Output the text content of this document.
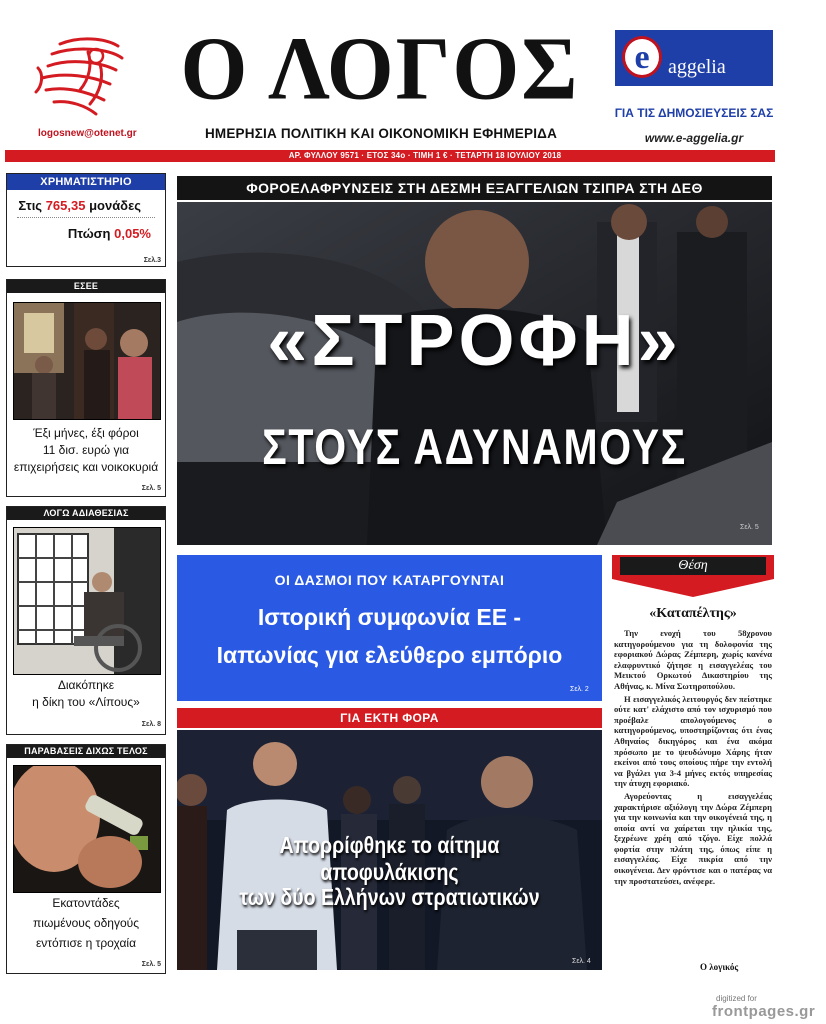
logosnew@otenet.gr
Ο ΛΟΓΟΣ
ΗΜΕΡΗΣΙΑ ΠΟΛΙΤΙΚΗ ΚΑΙ ΟΙΚΟΝΟΜΙΚΗ ΕΦΗΜΕΡΙΔΑ
e aggelia
ΓΙΑ ΤΙΣ ΔΗΜΟΣΙΕΥΣΕΙΣ ΣΑΣ
www.e-aggelia.gr
ΑΡ. ΦΥΛΛΟΥ 9571 · ΕΤΟΣ 34ο · ΤΙΜΗ 1 € · ΤΕΤΑΡΤΗ 18 ΙΟΥΛΙΟΥ 2018
ΧΡΗΜΑΤΙΣΤΗΡΙΟ
Στις 765,35 μονάδες
Πτώση 0,05%
Σελ.3
ΕΣΕΕ
Έξι μήνες, έξι φόροι
11 δισ. ευρώ για
επιχειρήσεις και νοικοκυριά
Σελ. 5
ΛΟΓΩ ΑΔΙΑΘΕΣΙΑΣ
Διακόπηκε
η δίκη του «Λίπους»
Σελ. 8
ΠΑΡΑΒΑΣΕΙΣ ΔΙΧΩΣ ΤΕΛΟΣ
Εκατοντάδες
πιωμένους οδηγούς
εντόπισε η τροχαία
Σελ. 5
ΦΟΡΟΕΛΑΦΡΥΝΣΕΙΣ ΣΤΗ ΔΕΣΜΗ ΕΞΑΓΓΕΛΙΩΝ ΤΣΙΠΡΑ ΣΤΗ ΔΕΘ
«ΣΤΡΟΦΗ»
ΣΤΟΥΣ ΑΔΥΝΑΜΟΥΣ
Σελ. 5
ΟΙ ΔΑΣΜΟΙ ΠΟΥ ΚΑΤΑΡΓΟΥΝΤΑΙ
Ιστορική συμφωνία ΕΕ -
Ιαπωνίας για ελεύθερο εμπόριο
Σελ. 2
ΓΙΑ ΕΚΤΗ ΦΟΡΑ
Απορρίφθηκε το αίτημα αποφυλάκισης
των δύο Ελλήνων στρατιωτικών
Σελ. 4
Θέση
«Καταπέλτης»

Την ενοχή του 58χρονου κατηγορούμενου για τη δολοφονία της εφοριακού Δώρας Ζέμπερη, χωρίς κανένα ελαφρυντικό ζήτησε η εισαγγελέας του Μεικτού Ορκωτού Δικαστηρίου της Αθήνας, κ. Μίνα Σωτηροπούλου.

Η εισαγγελικός λειτουργός δεν πείστηκε ούτε κατ' ελάχιστο από τον ισχυρισμό που προέβαλε απολογούμενος ο κατηγορούμενος, υποστηρίζοντας ότι ένας Αθηναίος δικηγόρος και ένα ακόμα πρόσωπο με το ψευδώνυμο Χάρης ήταν εκείνοι από τους οποίους πήρε την εντολή να βγάλει για 3-4 μήνες εκτός υπηρεσίας την άτυχη εφοριακό.

Αγορεύοντας η εισαγγελέας χαρακτήρισε αξιόλογη την Δώρα Ζέμπερη για την κοινωνία και την οικογένειά της, η οποία αντί να χαίρεται την ηλικία της, ξεχρέωνε χρέη από τζόγο. Είχε πολλά φορτία στην πλάτη της, όπως είπε η εισαγγελέας. Είχε πικρία από την οικογένεια. Δεν φρόντισε και ο πατέρας να την προστατεύσει, ανέφερε.

Ο λογικός
digitized for
frontpages.gr
